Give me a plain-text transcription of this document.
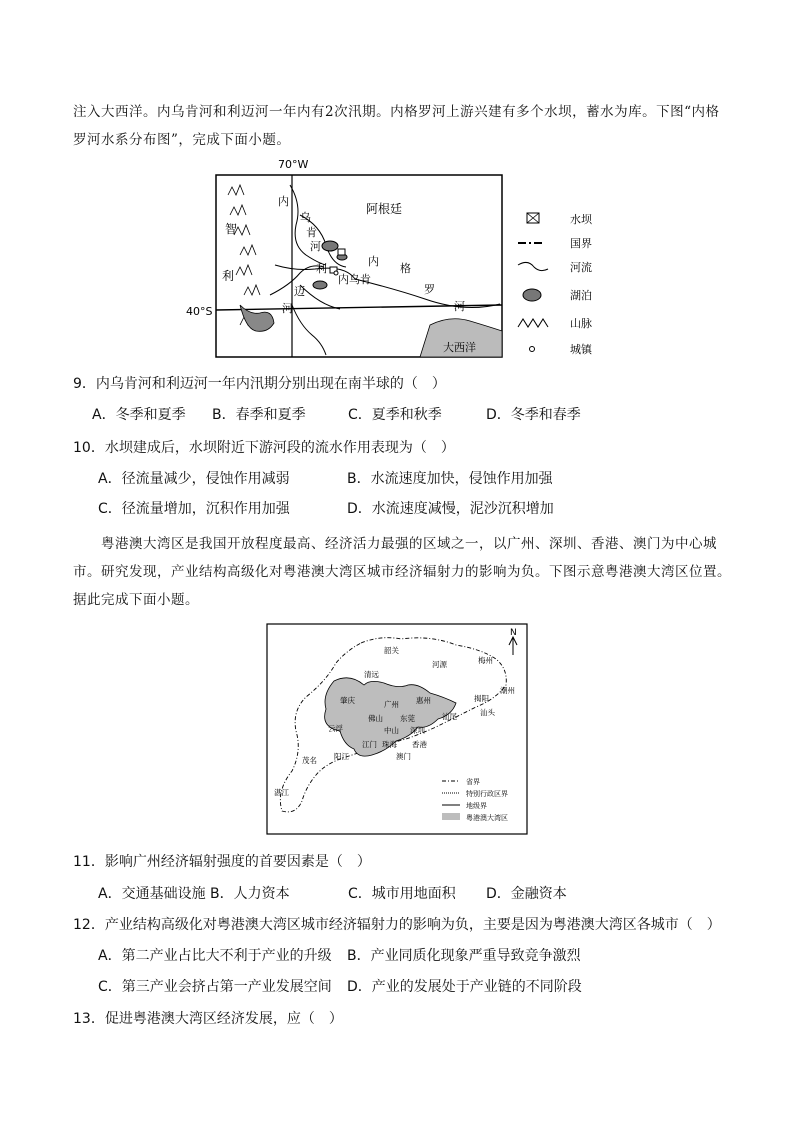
注入大西洋。内乌肯河和利迈河一年内有2次汛期。内格罗河上游兴建有多个水坝，蓄水为库。下图“内格
罗河水系分布图”，完成下面小题。
70°W
40°S
大西洋
阿根廷
智
利
内
乌
肯
河
利
迈
河
内乌肯
内
格
罗
河
水坝
国界
河流
湖泊
山脉
城镇
9．内乌肯河和利迈河一年内汛期分别出现在南半球的（　）
A．冬季和夏季 B．春季和夏季	C．夏季和秋季	D．冬季和春季
10．水坝建成后，水坝附近下游河段的流水作用表现为（　）
A．径流量减少，侵蚀作用减弱	B．水流速度加快，侵蚀作用加强
C．径流量增加，沉积作用加强	D．水流速度减慢，泥沙沉积增加
粤港澳大湾区是我国开放程度最高、经济活力最强的区域之一，以广州、深圳、香港、澳门为中心城
市。研究发现，产业结构高级化对粤港澳大湾区城市经济辐射力的影响为负。下图示意粤港澳大湾区位置。
据此完成下面小题。
N
韶关
清远
河源	梅州
潮州
揭阳
汕头
汕尾
惠州
广州
肇庆
云浮
佛山 东莞
深圳
中山
江门 珠海 香港
澳门
阳江
茂名
湛江
省界
特别行政区界
地级界
粤港澳大湾区
11．影响广州经济辐射强度的首要因素是（　）
A．交通基础设施 B．人力资本	C．城市用地面积 D．金融资本
12．产业结构高级化对粤港澳大湾区城市经济辐射力的影响为负，主要是因为粤港澳大湾区各城市（　）
A．第二产业占比大不利于产业的升级 B．产业同质化现象严重导致竞争激烈
C．第三产业会挤占第一产业发展空间 D．产业的发展处于产业链的不同阶段
13．促进粤港澳大湾区经济发展，应（　）
